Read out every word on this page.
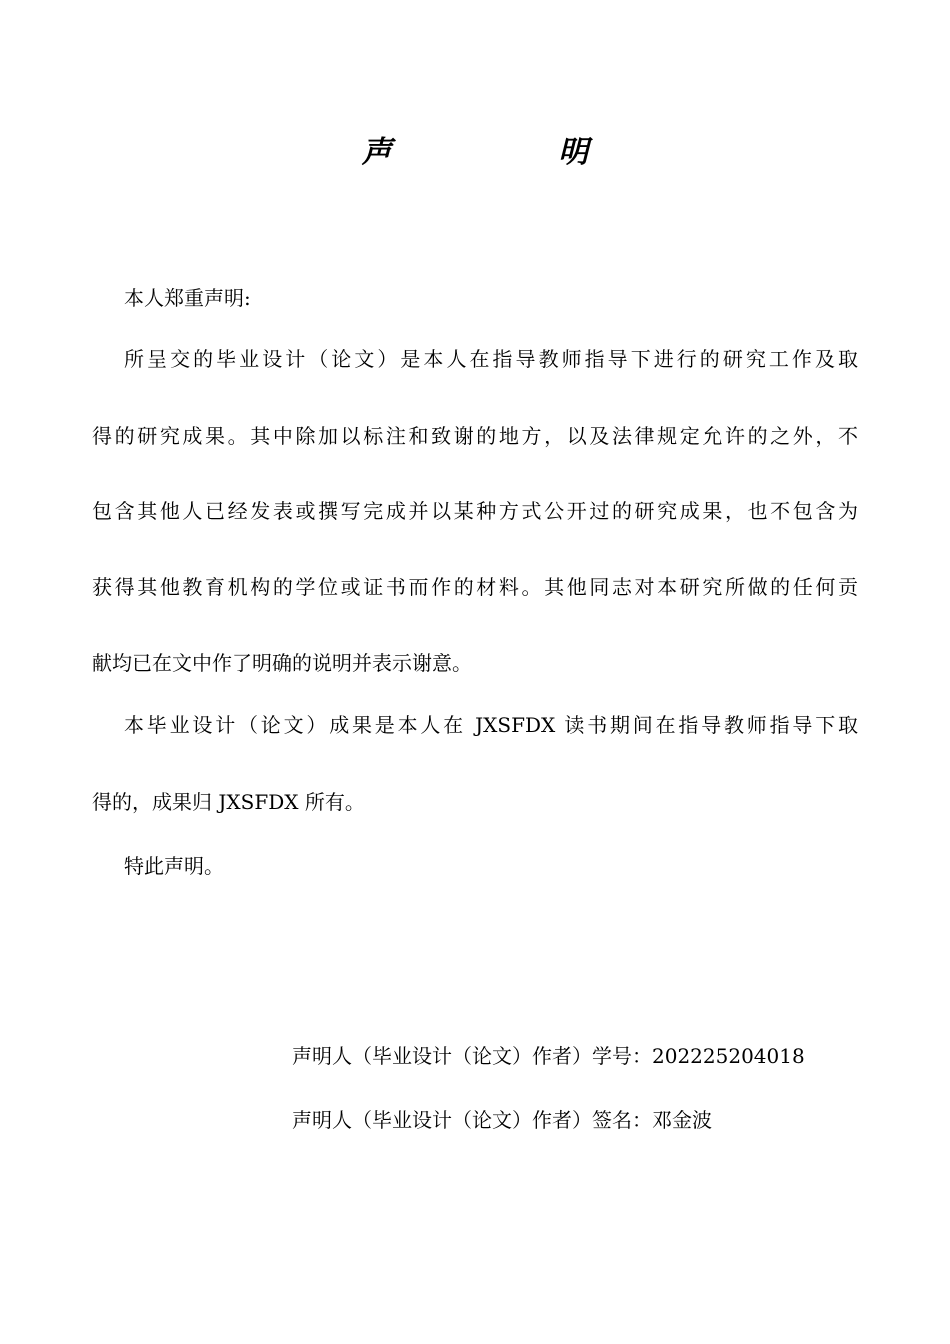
声 明
本人郑重声明:
所呈交的毕业设计（论文）是本人在指导教师指导下进行的研究工作及取
得的研究成果。其中除加以标注和致谢的地方，以及法律规定允许的之外，不
包含其他人已经发表或撰写完成并以某种方式公开过的研究成果，也不包含为
获得其他教育机构的学位或证书而作的材料。其他同志对本研究所做的任何贡
献均已在文中作了明确的说明并表示谢意。
本毕业设计（论文）成果是本人在 JXSFDX 读书期间在指导教师指导下取
得的，成果归 JXSFDX 所有。
特此声明。
声明人（毕业设计（论文）作者）学号：202225204018
声明人（毕业设计（论文）作者）签名：邓金波
